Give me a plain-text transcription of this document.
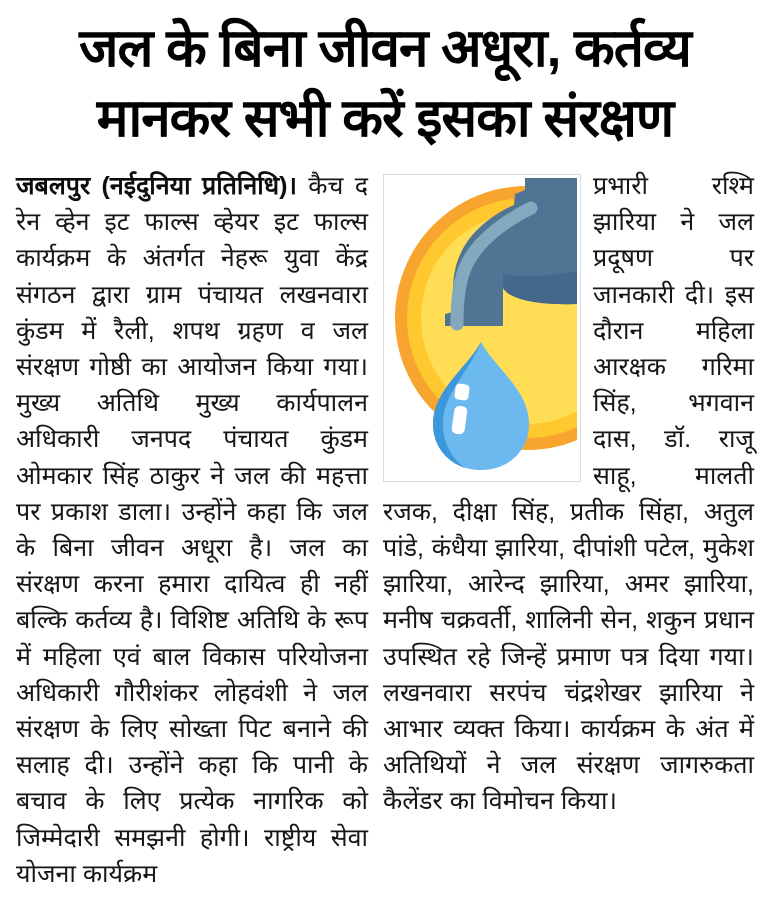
जल के बिना जीवन अधूरा, कर्तव्य
मानकर सभी करें इसका संरक्षण

जबलपुर (नईदुनिया प्रतिनिधि)। कैच द रेन व्हेन इट फाल्स व्हेयर इट फाल्स कार्यक्रम के अंतर्गत नेहरू युवा केंद्र संगठन द्वारा ग्राम पंचायत लखनवारा कुंडम में रैली, शपथ ग्रहण व जल संरक्षण गोष्ठी का आयोजन किया गया। मुख्य अतिथि मुख्य कार्यपालन अधिकारी जनपद पंचायत कुंडम ओमकार सिंह ठाकुर ने जल की महत्ता पर प्रकाश डाला। उन्होंने कहा कि जल के बिना जीवन अधूरा है। जल का संरक्षण करना हमारा दायित्व ही नहीं बल्कि कर्तव्य है। विशिष्ट अतिथि के रूप में महिला एवं बाल विकास परियोजना अधिकारी गौरीशंकर लोहवंशी ने जल संरक्षण के लिए सोख्ता पिट बनाने की सलाह दी। उन्होंने कहा कि पानी के बचाव के लिए प्रत्येक नागरिक को जिम्मेदारी समझनी होगी। राष्ट्रीय सेवा योजना कार्यक्रम

प्रभारी रश्मि झारिया ने जल प्रदूषण पर जानकारी दी। इस दौरान महिला आरक्षक गरिमा सिंह, भगवान दास, डॉ. राजू साहू, मालती रजक, दीक्षा सिंह, प्रतीक सिंहा, अतुल पांडे, कंधैया झारिया, दीपांशी पटेल, मुकेश झारिया, आरेन्द झारिया, अमर झारिया, मनीष चक्रवर्ती, शालिनी सेन, शकुन प्रधान उपस्थित रहे जिन्हें प्रमाण पत्र दिया गया। लखनवारा सरपंच चंद्रशेखर झारिया ने आभार व्यक्त किया। कार्यक्रम के अंत में अतिथियों ने जल संरक्षण जागरुकता कैलेंडर का विमोचन किया।
